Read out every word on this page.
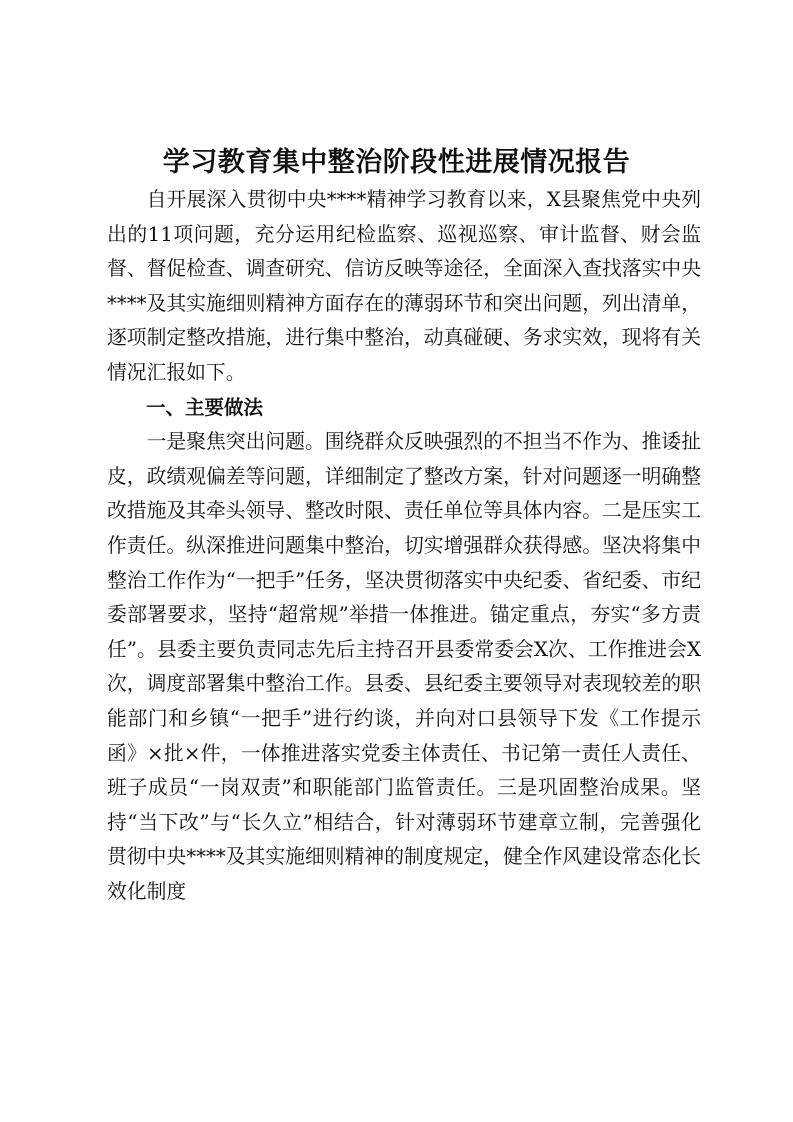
学习教育集中整治阶段性进展情况报告

自开展深入贯彻中央****精神学习教育以来，X县聚焦党中央列出的11项问题，充分运用纪检监察、巡视巡察、审计监督、财会监督、督促检查、调查研究、信访反映等途径，全面深入查找落实中央****及其实施细则精神方面存在的薄弱环节和突出问题，列出清单，逐项制定整改措施，进行集中整治，动真碰硬、务求实效，现将有关情况汇报如下。

一、主要做法

一是聚焦突出问题。围绕群众反映强烈的不担当不作为、推诿扯皮，政绩观偏差等问题，详细制定了整改方案，针对问题逐一明确整改措施及其牵头领导、整改时限、责任单位等具体内容。二是压实工作责任。纵深推进问题集中整治，切实增强群众获得感。坚决将集中整治工作作为“一把手”任务，坚决贯彻落实中央纪委、省纪委、市纪委部署要求，坚持“超常规”举措一体推进。锚定重点，夯实“多方责任”。县委主要负责同志先后主持召开县委常委会X次、工作推进会X次，调度部署集中整治工作。县委、县纪委主要领导对表现较差的职能部门和乡镇“一把手”进行约谈，并向对口县领导下发《工作提示函》×批×件，一体推进落实党委主体责任、书记第一责任人责任、班子成员“一岗双责”和职能部门监管责任。三是巩固整治成果。坚持“当下改”与“长久立”相结合，针对薄弱环节建章立制，完善强化贯彻中央****及其实施细则精神的制度规定，健全作风建设常态化长效化制度
